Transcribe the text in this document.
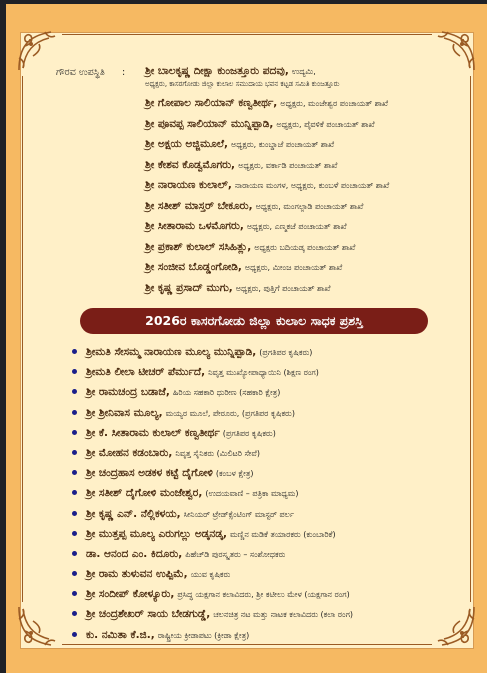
ಗೌರವ ಉಪಸ್ಥಿತಿ : ಶ್ರೀ ಬಾಲಕೃಷ್ಣ ದೀಕ್ಷಾ ಕುಂಜತ್ತೂರು ಪದವು, ಉದ್ಯಮಿ,
ಅಧ್ಯಕ್ಷರು, ಕಾಸರಗೋಡು ಜಿಲ್ಲಾ ಕುಲಾಲ ಸಮುದಾಯ ಭವನ ಕಟ್ಟಡ ಸಮಿತಿ ಕುಂಜತ್ತೂರು
ಶ್ರೀ ಗೋಪಾಲ ಸಾಲಿಯಾನ್ ಕಣ್ವತೀರ್ಥ, ಅಧ್ಯಕ್ಷರು, ಮಂಜೇಶ್ವರ ಪಂಚಾಯತ್ ಶಾಖೆ
ಶ್ರೀ ಪೂವಪ್ಪ ಸಾಲಿಯಾನ್ ಮುನ್ನಿಪ್ಪಾಡಿ, ಅಧ್ಯಕ್ಷರು, ಪೈವಳಿಕೆ ಪಂಚಾಯತ್ ಶಾಖೆ
ಶ್ರೀ ಅಕ್ಷಯ ಅಜ್ಜಿಮೂಲೆ, ಅಧ್ಯಕ್ಷರು, ಕುಂಬ್ಡಾಜೆ ಪಂಚಾಯತ್ ಶಾಖೆ
ಶ್ರೀ ಕೇಶವ ಕೊಡ್ವಮೊಗರು, ಅಧ್ಯಕ್ಷರು, ವರ್ಕಾಡಿ ಪಂಚಾಯತ್ ಶಾಖೆ
ಶ್ರೀ ನಾರಾಯಣ ಕುಲಾಲ್, ನಾರಾಯಣ ಮಂಗಳ, ಅಧ್ಯಕ್ಷರು, ಕುಂಬಳೆ ಪಂಚಾಯತ್ ಶಾಖೆ
ಶ್ರೀ ಸತೀಶ್ ಮಾಸ್ತರ್ ಬೇಕೂರು, ಅಧ್ಯಕ್ಷರು, ಮಂಗಲ್ಪಾಡಿ ಪಂಚಾಯತ್ ಶಾಖೆ
ಶ್ರೀ ಸೀತಾರಾಮ ಒಳಮೊಗರು, ಅಧ್ಯಕ್ಷರು, ಎಣ್ಮಕಜೆ ಪಂಚಾಯತ್ ಶಾಖೆ
ಶ್ರೀ ಪ್ರಕಾಶ್ ಕುಲಾಲ್ ಸಸಿಹಿತ್ಲು, ಅಧ್ಯಕ್ಷರು ಬದಿಯಡ್ಕ ಪಂಚಾಯತ್ ಶಾಖೆ
ಶ್ರೀ ಸಂಜೀವ ಬೊಡ್ಡಂಗೋಡಿ, ಅಧ್ಯಕ್ಷರು, ಮೀಂಜ ಪಂಚಾಯತ್ ಶಾಖೆ
ಶ್ರೀ ಕೃಷ್ಣ ಪ್ರಸಾದ್ ಮುಗು, ಅಧ್ಯಕ್ಷರು, ಪುತ್ತಿಗೆ ಪಂಚಾಯತ್ ಶಾಖೆ
2026ರ ಕಾಸರಗೋಡು ಜಿಲ್ಲಾ ಕುಲಾಲ ಸಾಧಕ ಪ್ರಶಸ್ತಿ
ಶ್ರೀಮತಿ ಸೇಸಮ್ಮ ನಾರಾಯಣ ಮೂಲ್ಯ ಮುನ್ನಿಪ್ಪಾಡಿ, (ಪ್ರಗತಿಪರ ಕೃಷಿಕರು)
ಶ್ರೀಮತಿ ಲೀಲಾ ಟೀಚರ್ ಪೆರ್ಮುದೆ, ನಿವೃತ್ತ ಮುಖ್ಯೋಪಾಧ್ಯಾಯಿನಿ (ಶಿಕ್ಷಣ ರಂಗ)
ಶ್ರೀ ರಾಮಚಂದ್ರ ಬಡಾಜೆ, ಹಿರಿಯ ಸಹಕಾರಿ ಧುರೀಣ (ಸಹಕಾರಿ ಕ್ಷೇತ್ರ)
ಶ್ರೀ ಶ್ರೀನಿವಾಸ ಮೂಲ್ಯ, ಮಯ್ಯರ ಮೂಲೆ, ಪೇರೂರು, (ಪ್ರಗತಿಪರ ಕೃಷಿಕರು)
ಶ್ರೀ ಕೆ. ಸೀತಾರಾಮ ಕುಲಾಲ್ ಕಣ್ವತೀರ್ಥ (ಪ್ರಗತಿಪರ ಕೃಷಿಕರು)
ಶ್ರೀ ಮೋಹನ ಕಡಂಬಾರು, ನಿವೃತ್ತ ಸೈನಿಕರು (ಮಿಲಿಟರಿ ಸೇವೆ)
ಶ್ರೀ ಚಂದ್ರಹಾಸ ಅಡಕಳ ಕಟ್ಟೆ ದೈಗೋಳಿ (ಕಂಬಳ ಕ್ಷೇತ್ರ)
ಶ್ರೀ ಸತೀಶ್ ದೈಗೋಳಿ ಮಂಜೇಶ್ವರ, (ಉದಯವಾಣಿ – ಪತ್ರಿಕಾ ಮಾಧ್ಯಮ)
ಶ್ರೀ ಕೃಷ್ಣ ಎನ್. ನೆಲ್ಲಿಕಳಯ, ಸೀನಿಯರ್ ಟ್ರೇಡ್‌ಕ್ಸೆಂಟಿಂಗ್ ಮಾಸ್ಟರ್ ಪರ್ಲ
ಶ್ರೀ ಮುತ್ತಪ್ಪ ಮೂಲ್ಯ ಎರುಗಲ್ಲು ಅಡ್ಕನಡ್ಕ, ಮಣ್ಣಿನ ಮಡಿಕೆ ತಯಾರಕರು (ಕುಂಬಾರಿಕೆ)
ಡಾ. ಆನಂದ ಎಂ. ಕಿದೂರು, ಪಿಹೆಚ್‌ಡಿ ಪುರಸ್ಕೃತರು – ಸಂಶೋಧಕರು
ಶ್ರೀ ರಾಮ ತುಳುವನ ಉಪ್ಪಿಮೆ, ಯುವ ಕೃಷಿಕರು
ಶ್ರೀ ಸಂದೀಪ್ ಕೋಳ್ಯೂರು, ಪ್ರಸಿದ್ಧ ಯಕ್ಷಗಾನ ಕಲಾವಿದರು, ಶ್ರೀ ಕಟೀಲು ಮೇಳ (ಯಕ್ಷಗಾನ ರಂಗ)
ಶ್ರೀ ಚಂದ್ರಶೇಖರ್ ಸಾಯ ಬೇಡಗುಡ್ಡೆ, ಚಲನಚಿತ್ರ ನಟ ಮತ್ತು ನಾಟಕ ಕಲಾವಿದರು (ಕಲಾ ರಂಗ)
ಕು. ನಮಿತಾ ಕೆ.ಜಿ., ರಾಷ್ಟ್ರೀಯ ಕ್ರೀಡಾಪಟು (ಕ್ರೀಡಾ ಕ್ಷೇತ್ರ)
